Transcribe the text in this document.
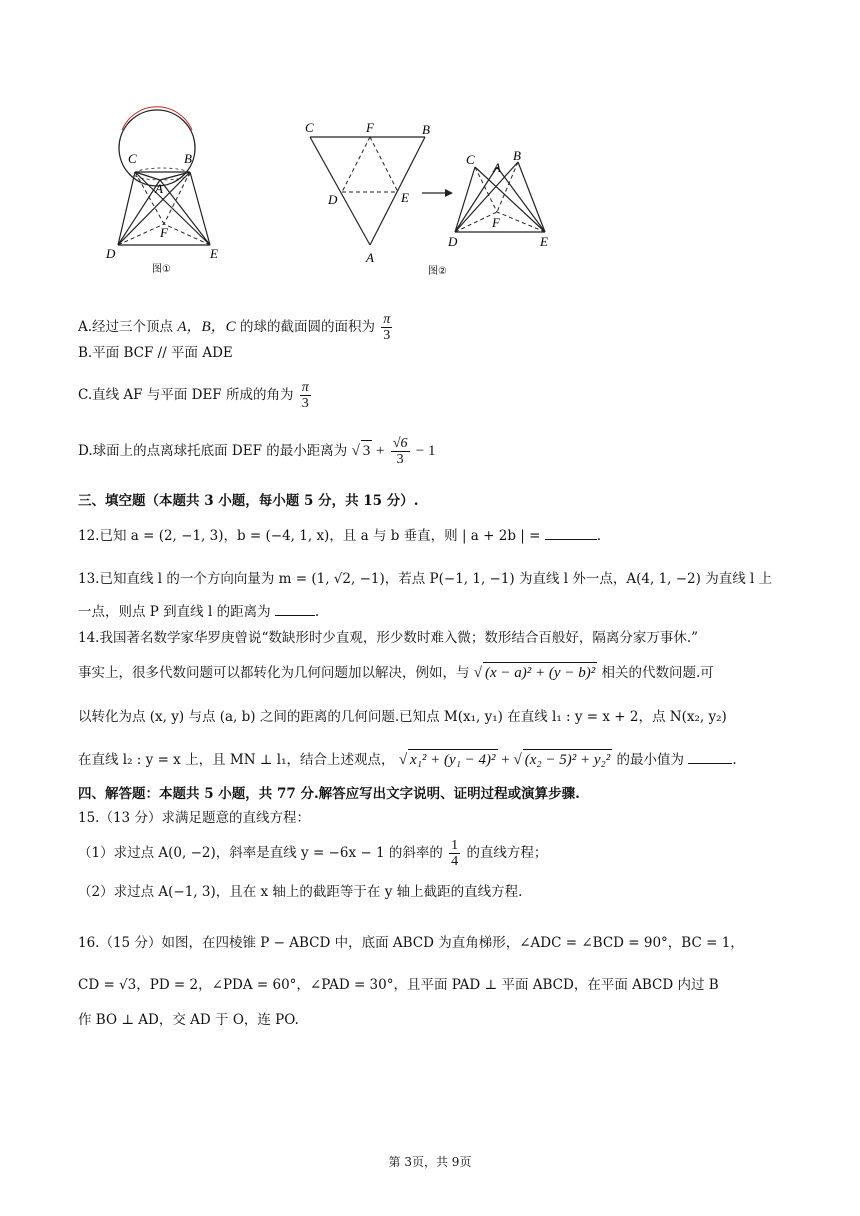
C	B
A
F
D	E
图①
C	F	B
D	E
A
C
A
B
F
D	E
图②
A.经过三个顶点 A，B，C 的球的截面圆的面积为 $\frac{\pi}{3}$
B.平面 BCF // 平面 ADE
C.直线 AF 与平面 DEF 所成的角为 $\frac{\pi}{3}$
D.球面上的点离球托底面 DEF 的最小距离为 √ $3 + \frac{√6}{3} - 1$
三、填空题（本题共 3 小题，每小题 5 分，共 15 分）.
12.已知 a = (2, −1, 3)，b = (−4, 1, x)，且 a 与 b 垂直，则 | a + 2b | =	.
13.已知直线 l 的一个方向向量为 m = (1, √2, −1)，若点 P(−1, 1, −1) 为直线 l 外一点，A(4, 1, −2) 为直线 l 上
一点，则点 P 到直线 l 的距离为	.
14.我国著名数学家华罗庚曾说“数缺形时少直观，形少数时难入微；数形结合百般好，隔离分家万事休.”
事实上，很多代数问题可以都转化为几何问题加以解决，例如，与 √ (x − a)² + (y − b)² 相关的代数问题.可
以转化为点 (x, y) 与点 (a, b) 之间的距离的几何问题.已知点 M(x₁, y₁) 在直线 l₁ : y = x + 2，点 N(x₂, y₂)
在直线 l₂ : y = x 上，且 MN ⊥ l₁，结合上述观点， √ x₁² + (y₁ − 4)² + √ (x₂ − 5)² + y₂² 的最小值为	.
四、解答题：本题共 5 小题，共 77 分.解答应写出文字说明、证明过程或演算步骤.
15.（13 分）求满足题意的直线方程：
（1）求过点 A(0, −2)，斜率是直线 y = −6x − 1 的斜率的 $\frac{1}{4}$ 的直线方程；
（2）求过点 A(−1, 3)，且在 x 轴上的截距等于在 y 轴上截距的直线方程.
16.（15 分）如图，在四棱锥 P − ABCD 中，底面 ABCD 为直角梯形，∠ADC = ∠BCD = 90°，BC = 1，
CD = √3，PD = 2，∠PDA = 60°，∠PAD = 30°，且平面 PAD ⊥ 平面 ABCD，在平面 ABCD 内过 B
作 BO ⊥ AD，交 AD 于 O，连 PO.
第 3页，共 9页
